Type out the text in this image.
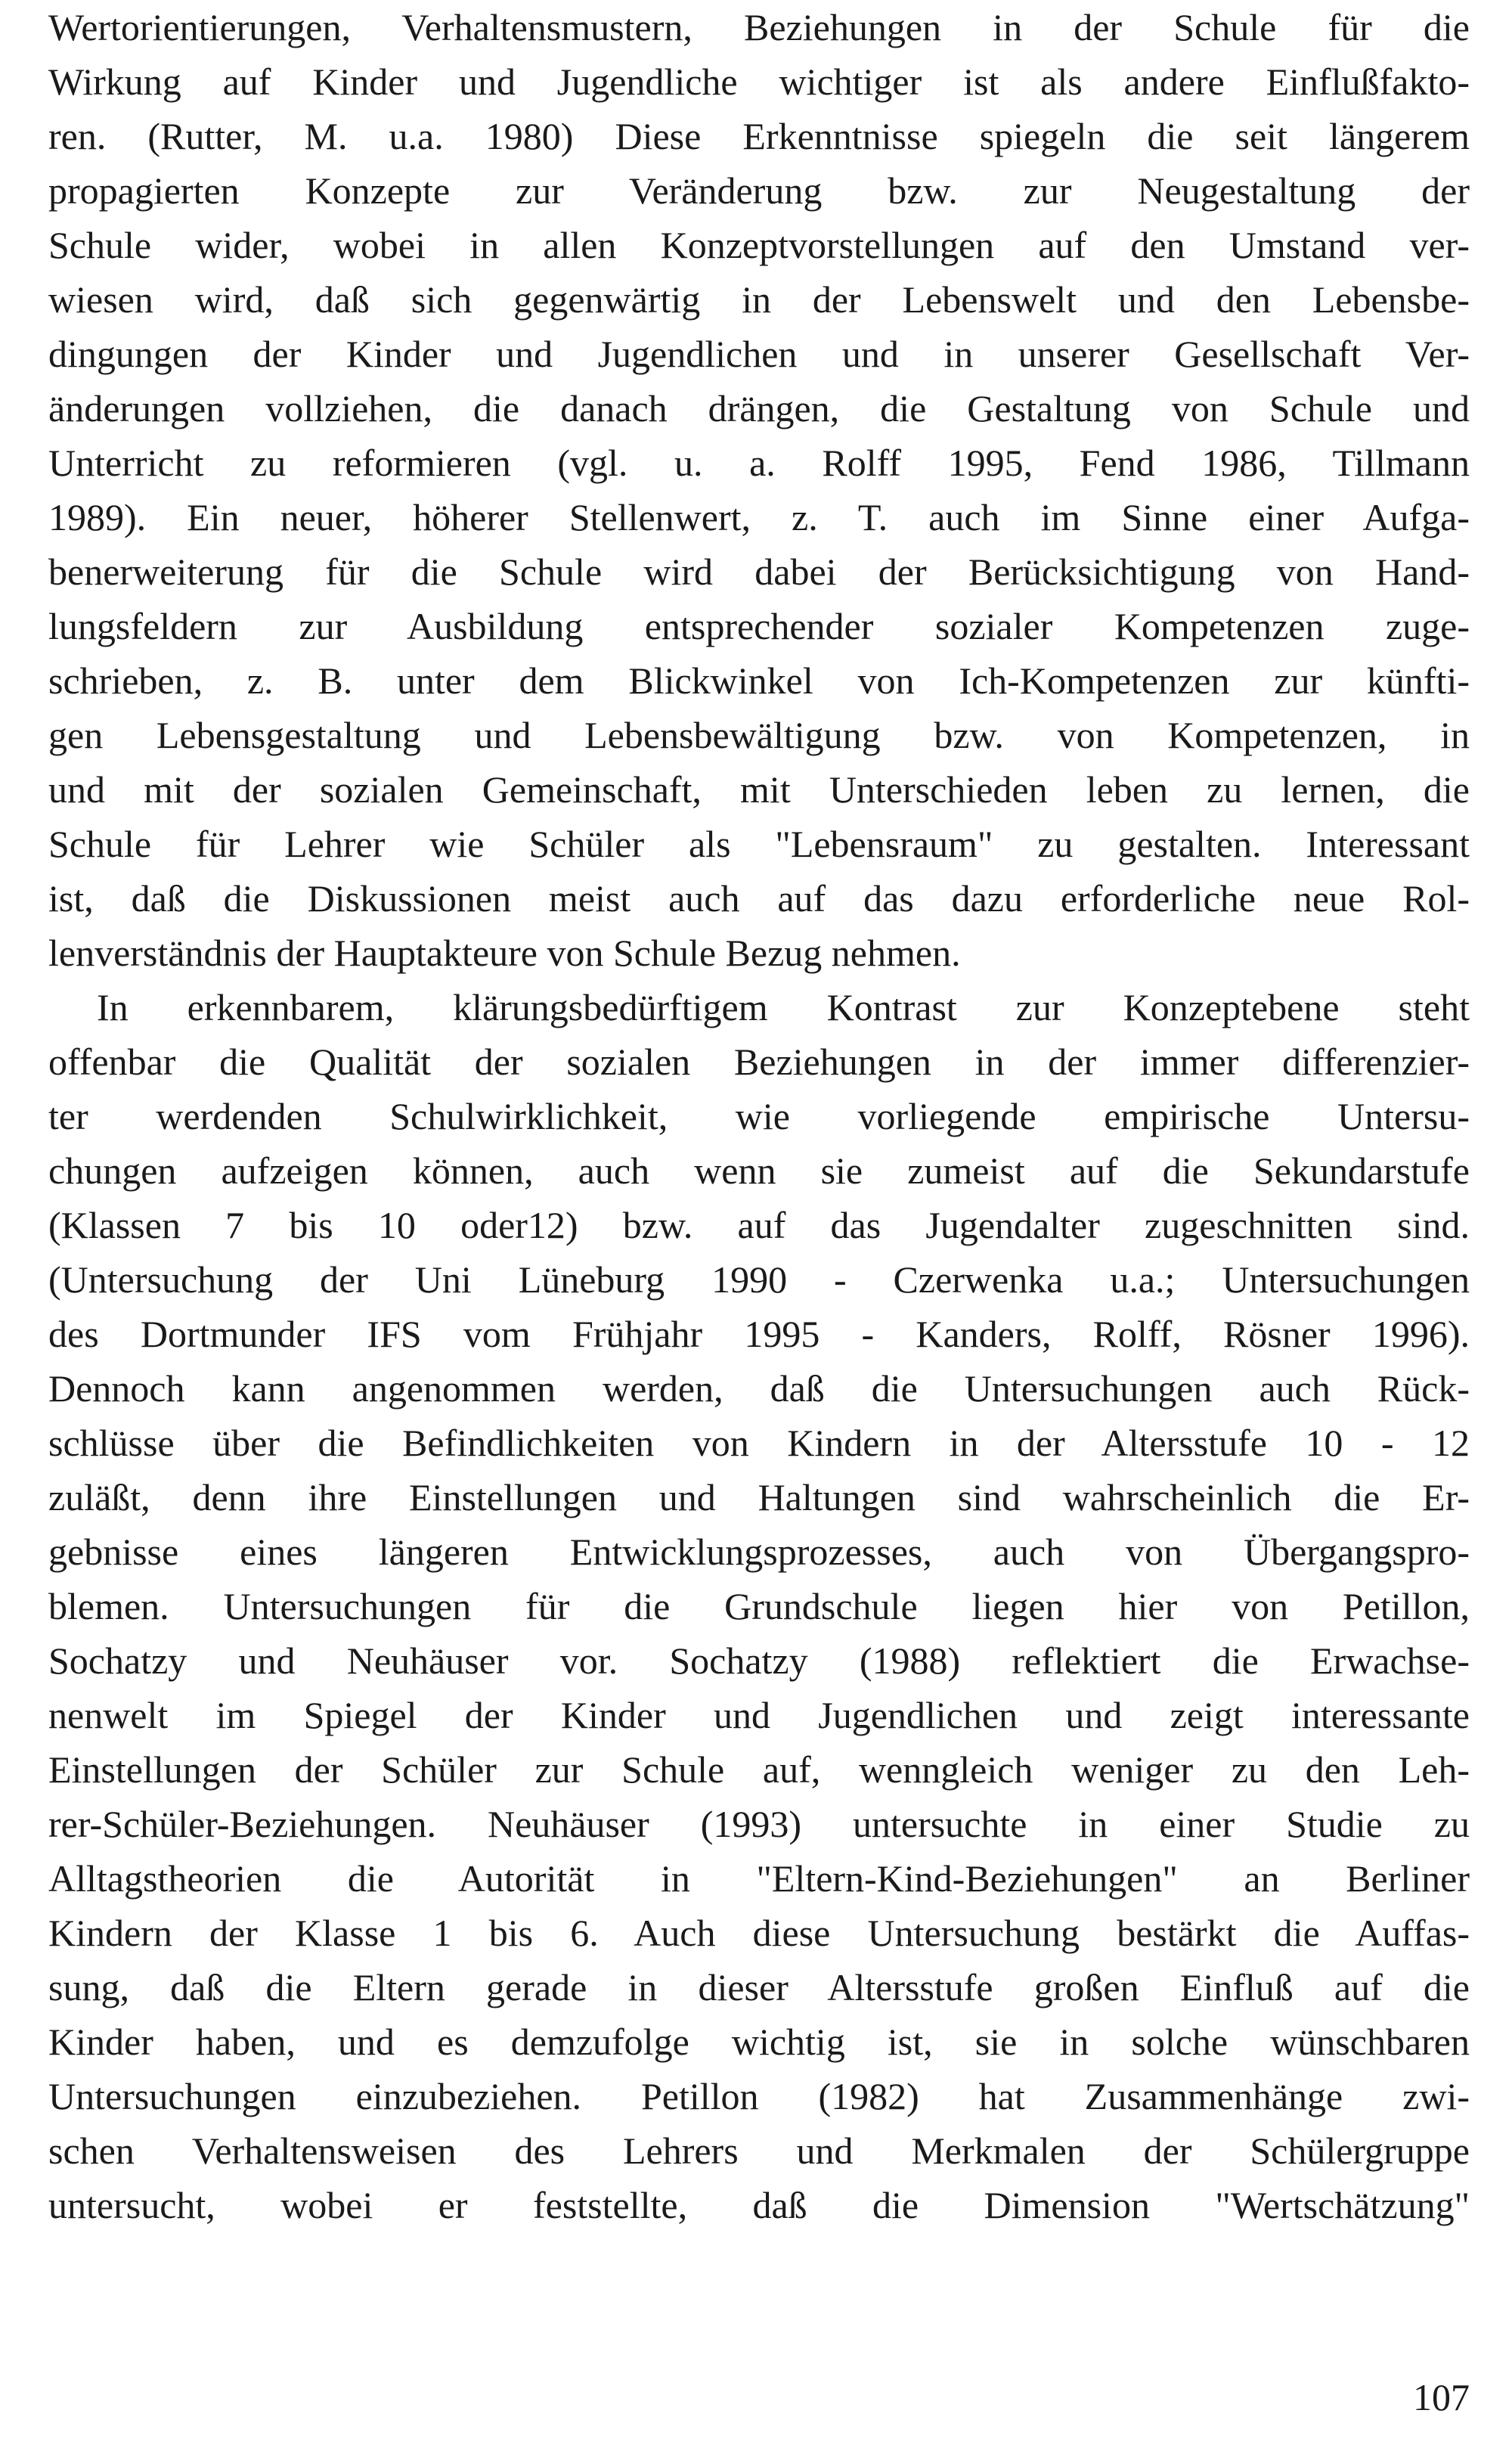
Wertorientierungen, Verhaltensmustern, Beziehungen in der Schule für die
Wirkung auf Kinder und Jugendliche wichtiger ist als andere Einflußfakto-
ren. (Rutter, M. u.a. 1980) Diese Erkenntnisse spiegeln die seit längerem
propagierten Konzepte zur Veränderung bzw. zur Neugestaltung der
Schule wider, wobei in allen Konzeptvorstellungen auf den Umstand ver-
wiesen wird, daß sich gegenwärtig in der Lebenswelt und den Lebensbe-
dingungen der Kinder und Jugendlichen und in unserer Gesellschaft Ver-
änderungen vollziehen, die danach drängen, die Gestaltung von Schule und
Unterricht zu reformieren (vgl. u. a. Rolff 1995, Fend 1986, Tillmann
1989). Ein neuer, höherer Stellenwert, z. T. auch im Sinne einer Aufga-
benerweiterung für die Schule wird dabei der Berücksichtigung von Hand-
lungsfeldern zur Ausbildung entsprechender sozialer Kompetenzen zuge-
schrieben, z. B. unter dem Blickwinkel von Ich-Kompetenzen zur künfti-
gen Lebensgestaltung und Lebensbewältigung bzw. von Kompetenzen, in
und mit der sozialen Gemeinschaft, mit Unterschieden leben zu lernen, die
Schule für Lehrer wie Schüler als "Lebensraum" zu gestalten. Interessant
ist, daß die Diskussionen meist auch auf das dazu erforderliche neue Rol-
lenverständnis der Hauptakteure von Schule Bezug nehmen.
In erkennbarem, klärungsbedürftigem Kontrast zur Konzeptebene steht
offenbar die Qualität der sozialen Beziehungen in der immer differenzier-
ter werdenden Schulwirklichkeit, wie vorliegende empirische Untersu-
chungen aufzeigen können, auch wenn sie zumeist auf die Sekundarstufe
(Klassen 7 bis 10 oder12) bzw. auf das Jugendalter zugeschnitten sind.
(Untersuchung der Uni Lüneburg 1990 - Czerwenka u.a.; Untersuchungen
des Dortmunder IFS vom Frühjahr 1995 - Kanders, Rolff, Rösner 1996).
Dennoch kann angenommen werden, daß die Untersuchungen auch Rück-
schlüsse über die Befindlichkeiten von Kindern in der Altersstufe 10 - 12
zuläßt, denn ihre Einstellungen und Haltungen sind wahrscheinlich die Er-
gebnisse eines längeren Entwicklungsprozesses, auch von Übergangspro-
blemen. Untersuchungen für die Grundschule liegen hier von Petillon,
Sochatzy und Neuhäuser vor. Sochatzy (1988) reflektiert die Erwachse-
nenwelt im Spiegel der Kinder und Jugendlichen und zeigt interessante
Einstellungen der Schüler zur Schule auf, wenngleich weniger zu den Leh-
rer-Schüler-Beziehungen. Neuhäuser (1993) untersuchte in einer Studie zu
Alltagstheorien die Autorität in "Eltern-Kind-Beziehungen" an Berliner
Kindern der Klasse 1 bis 6. Auch diese Untersuchung bestärkt die Auffas-
sung, daß die Eltern gerade in dieser Altersstufe großen Einfluß auf die
Kinder haben, und es demzufolge wichtig ist, sie in solche wünschbaren
Untersuchungen einzubeziehen. Petillon (1982) hat Zusammenhänge zwi-
schen Verhaltensweisen des Lehrers und Merkmalen der Schülergruppe
untersucht, wobei er feststellte, daß die Dimension "Wertschätzung"
107
